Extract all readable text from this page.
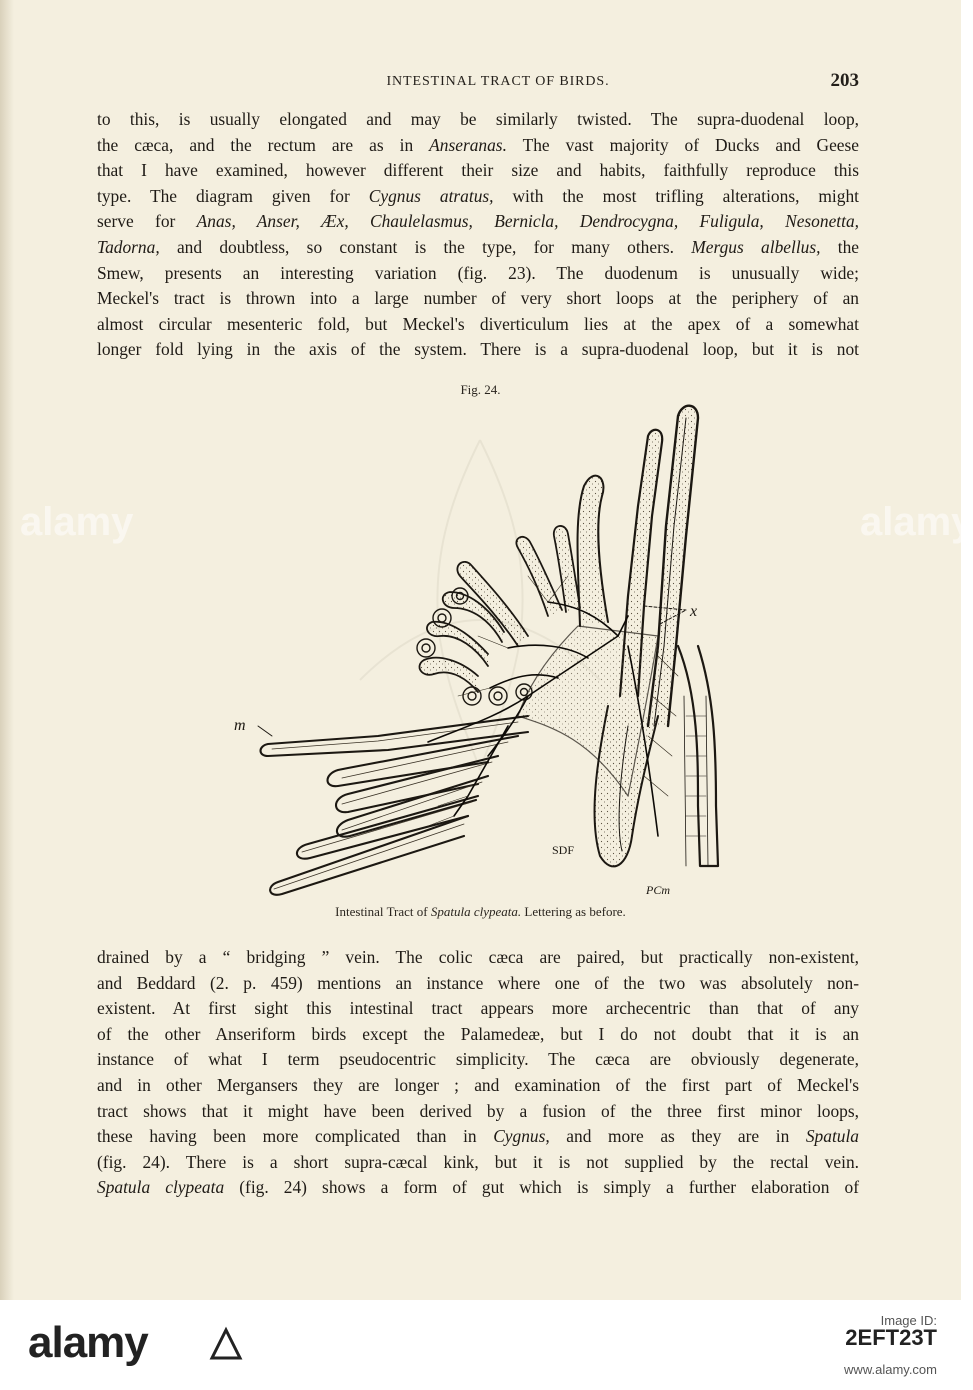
INTESTINAL TRACT OF BIRDS.	203
to this, is usually elongated and may be similarly twisted. The supra-duodenal loop,
the cæca, and the rectum are as in Anseranas. The vast majority of Ducks and Geese
that I have examined, however different their size and habits, faithfully reproduce this
type. The diagram given for Cygnus atratus, with the most trifling alterations, might
serve for Anas, Anser, Æx, Chaulelasmus, Bernicla, Dendrocygna, Fuligula, Nesonetta,
Tadorna, and doubtless, so constant is the type, for many others. Mergus albellus, the
Smew, presents an interesting variation (fig. 23). The duodenum is unusually wide;
Meckel's tract is thrown into a large number of very short loops at the periphery of an
almost circular mesenteric fold, but Meckel's diverticulum lies at the apex of a somewhat
longer fold lying in the axis of the system. There is a supra-duodenal loop, but it is not
Fig. 24.
x
m
SDF
PCm
Intestinal Tract of Spatula clypeata. Lettering as before.
drained by a “ bridging ” vein. The colic cæca are paired, but practically non-existent,
and Beddard (2. p. 459) mentions an instance where one of the two was absolutely non-
existent. At first sight this intestinal tract appears more archecentric than that of any
of the other Anseriform birds except the Palamedeæ, but I do not doubt that it is an
instance of what I term pseudocentric simplicity. The cæca are obviously degenerate,
and in other Mergansers they are longer ; and examination of the first part of Meckel's
tract shows that it might have been derived by a fusion of the three first minor loops,
these having been more complicated than in Cygnus, and more as they are in Spatula
(fig. 24). There is a short supra-cæcal kink, but it is not supplied by the rectal vein.
Spatula clypeata (fig. 24) shows a form of gut which is simply a further elaboration of
alamy
alamy
alamy	Image ID:
2EFT23T
www.alamy.com
